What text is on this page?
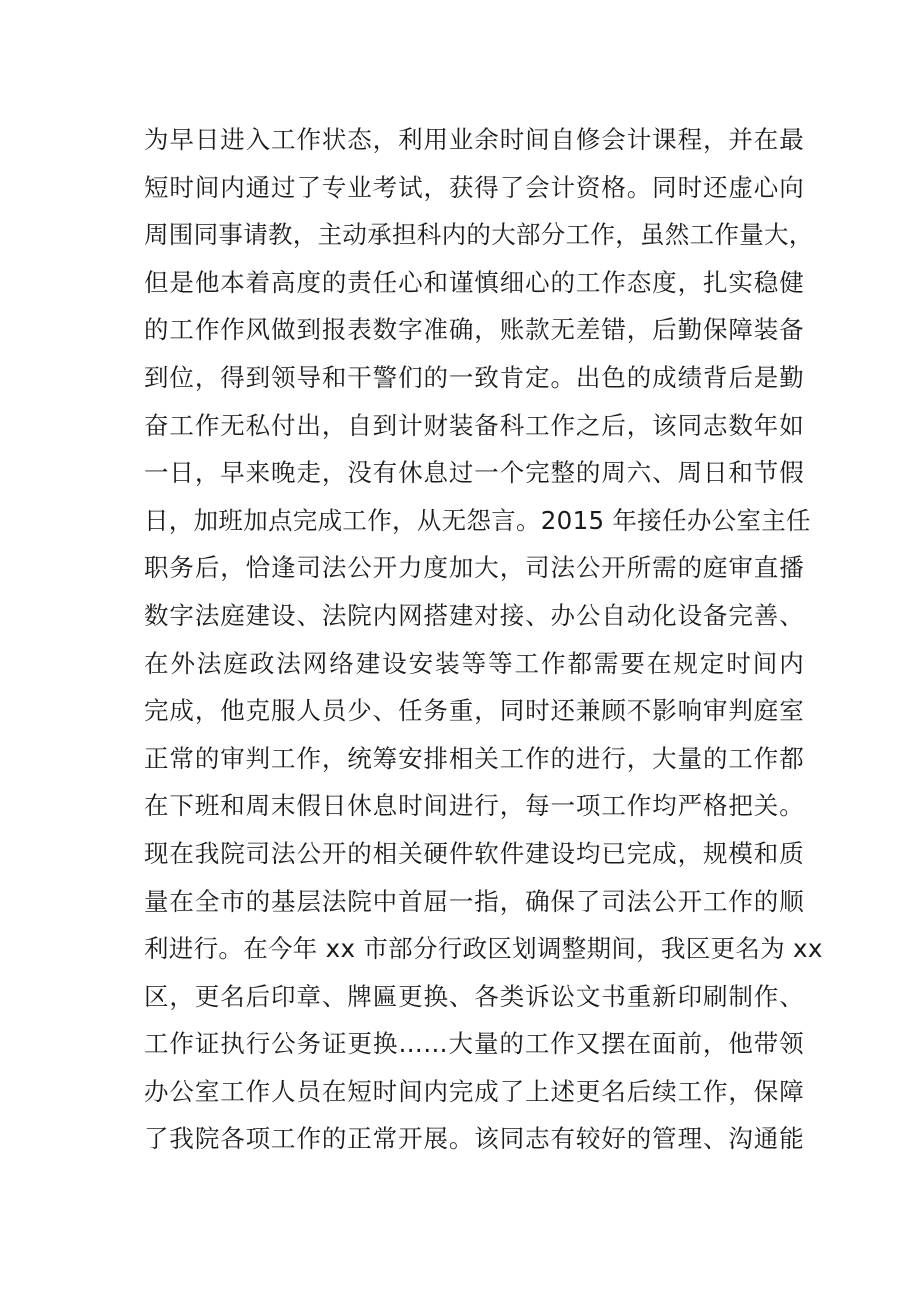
为早日进入工作状态，利用业余时间自修会计课程，并在最
短时间内通过了专业考试，获得了会计资格。同时还虚心向
周围同事请教，主动承担科内的大部分工作，虽然工作量大，
但是他本着高度的责任心和谨慎细心的工作态度，扎实稳健
的工作作风做到报表数字准确，账款无差错，后勤保障装备
到位，得到领导和干警们的一致肯定。出色的成绩背后是勤
奋工作无私付出，自到计财装备科工作之后，该同志数年如
一日，早来晚走，没有休息过一个完整的周六、周日和节假
日，加班加点完成工作，从无怨言。2015 年接任办公室主任
职务后，恰逢司法公开力度加大，司法公开所需的庭审直播
数字法庭建设、法院内网搭建对接、办公自动化设备完善、
在外法庭政法网络建设安装等等工作都需要在规定时间内
完成，他克服人员少、任务重，同时还兼顾不影响审判庭室
正常的审判工作，统筹安排相关工作的进行，大量的工作都
在下班和周末假日休息时间进行，每一项工作均严格把关。
现在我院司法公开的相关硬件软件建设均已完成，规模和质
量在全市的基层法院中首屈一指，确保了司法公开工作的顺
利进行。在今年 xx 市部分行政区划调整期间，我区更名为 xx
区，更名后印章、牌匾更换、各类诉讼文书重新印刷制作、
工作证执行公务证更换……大量的工作又摆在面前，他带领
办公室工作人员在短时间内完成了上述更名后续工作，保障
了我院各项工作的正常开展。该同志有较好的管理、沟通能
